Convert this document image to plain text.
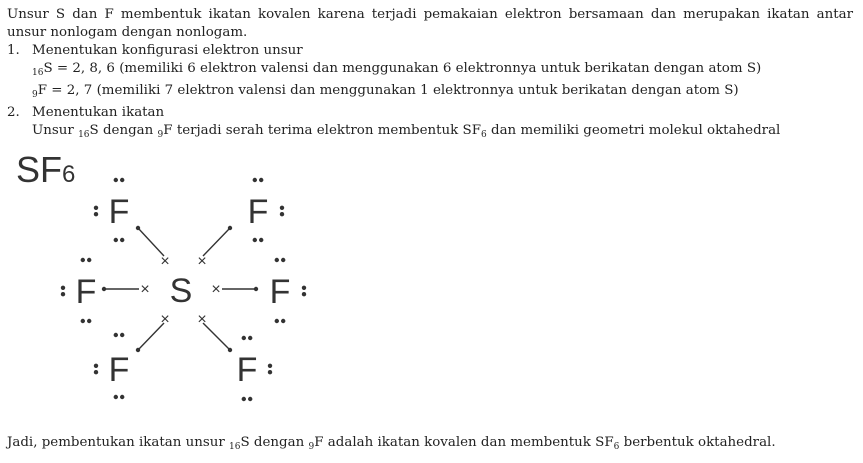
Unsur S dan F membentuk ikatan kovalen karena terjadi pemakaian elektron bersamaan dan merupakan ikatan antar unsur nonlogam dengan nonlogam.

1. Menentukan konfigurasi elektron unsur

$_{16}$S = 2, 8, 6 (memiliki 6 elektron valensi dan menggunakan 6 elektronnya untuk berikatan dengan atom S)

$_9$F = 2, 7 (memiliki 7 elektron valensi dan menggunakan 1 elektronnya untuk berikatan dengan atom S)

2. Menentukan ikatan

Unsur $_{16}$S dengan $_9$F terjadi serah terima elektron membentuk $SF_6$ dan memiliki geometri molekul oktahedral

SF6
S
F
×
F
×
F	×	F
×
F
×
F
×

Jadi, pembentukan ikatan unsur $_{16}$S dengan $_9$F adalah ikatan kovalen dan membentuk $SF_6$ berbentuk oktahedral.
